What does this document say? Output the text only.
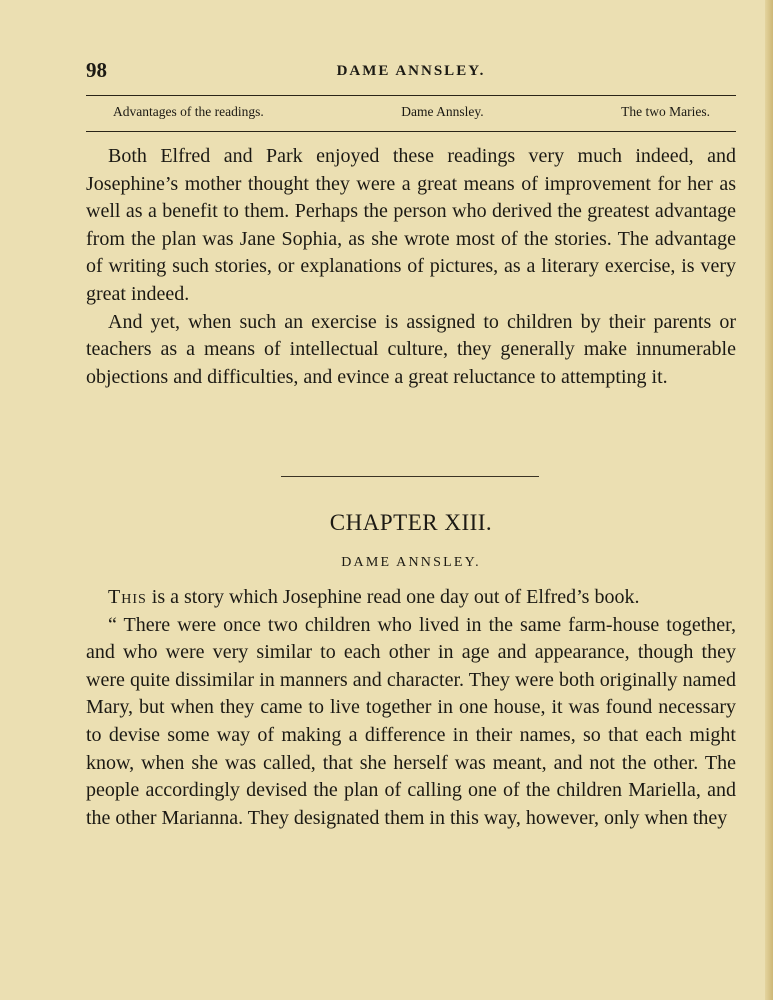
98	DAME ANNSLEY.
Advantages of the readings.	Dame Annsley.	The two Maries.

Both Elfred and Park enjoyed these readings very much indeed, and Josephine’s mother thought they were a great means of improvement for her as well as a benefit to them. Perhaps the person who derived the greatest advantage from the plan was Jane Sophia, as she wrote most of the stories. The advantage of writing such stories, or explanations of pictures, as a literary exercise, is very great indeed.

And yet, when such an exercise is assigned to children by their parents or teachers as a means of intellectual culture, they generally make innumerable objections and difficulties, and evince a great reluctance to attempting it.

CHAPTER XIII.
DAME ANNSLEY.

This is a story which Josephine read one day out of Elfred’s book.

“ There were once two children who lived in the same farm-house together, and who were very similar to each other in age and appearance, though they were quite dissimilar in manners and character. They were both originally named Mary, but when they came to live together in one house, it was found necessary to devise some way of making a difference in their names, so that each might know, when she was called, that she herself was meant, and not the other. The people accordingly devised the plan of calling one of the children Mariella, and the other Marianna. They designated them in this way, however, only when they
